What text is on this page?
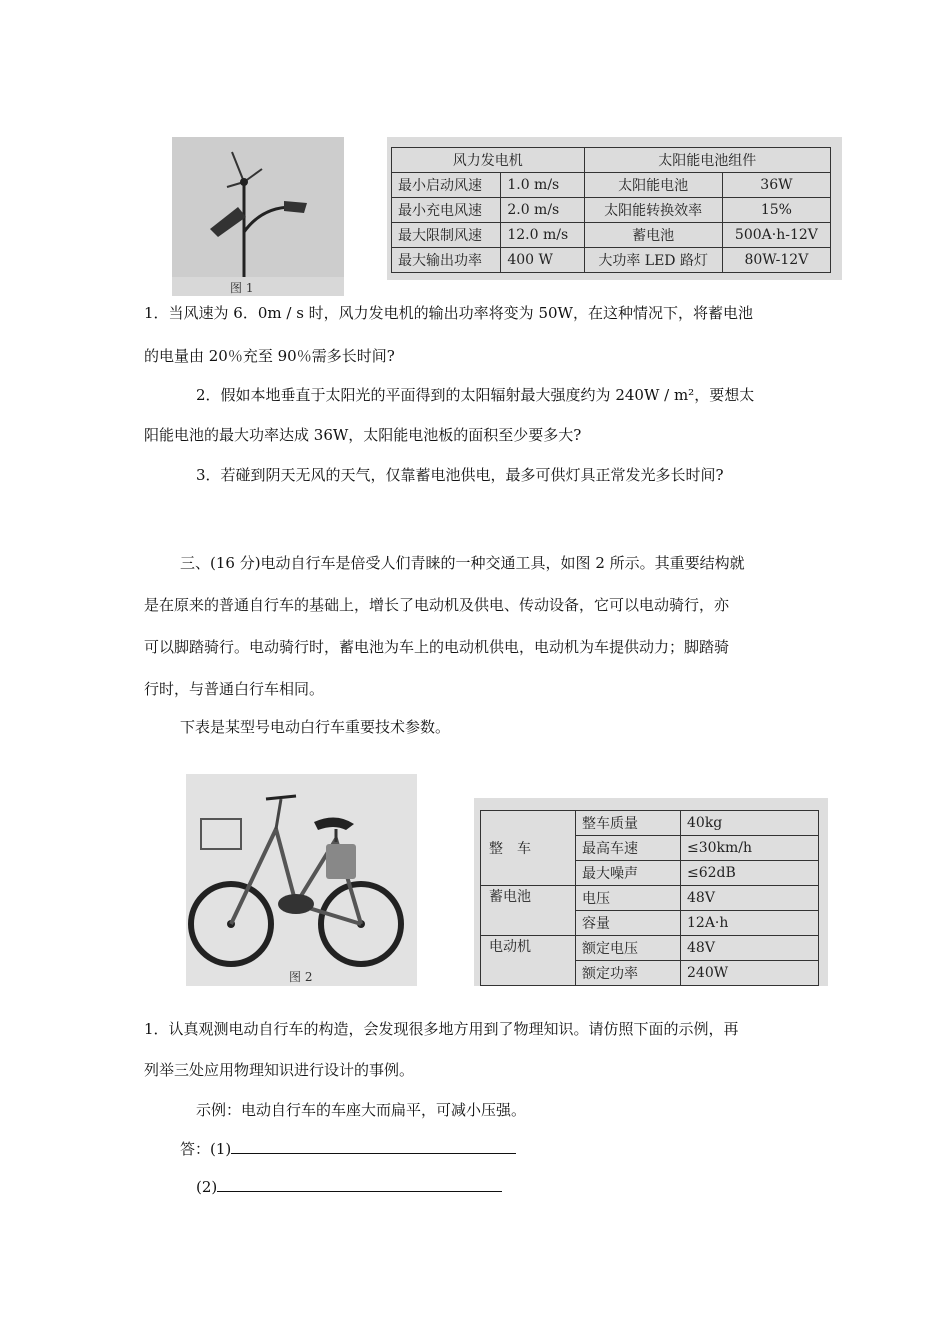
图 1
风力发电机		太阳能电池组件	
最小启动风速	1.0 m/s	太阳能电池	36W
最小充电风速	2.0 m/s	太阳能转换效率	15%
最大限制风速	12.0 m/s	蓄电池	500A·h-12V
最大输出功率	400 W	大功率 LED 路灯	80W-12V
1．当风速为 6．0m / s 时，风力发电机的输出功率将变为 50W，在这种情况下，将蓄电池
的电量由 20％充至 90％需多长时间?
2．假如本地垂直于太阳光的平面得到的太阳辐射最大强度约为 240W / m²，要想太
阳能电池的最大功率达成 36W，太阳能电池板的面积至少要多大?
3．若碰到阴天无风的天气，仅靠蓄电池供电，最多可供灯具正常发光多长时间?
三、(16 分)电动自行车是倍受人们青睐的一种交通工具，如图 2 所示。其重要结构就
是在原来的普通自行车的基础上，增长了电动机及供电、传动设备，它可以电动骑行，亦
可以脚踏骑行。电动骑行时，蓄电池为车上的电动机供电，电动机为车提供动力；脚踏骑
行时，与普通白行车相同。
下表是某型号电动白行车重要技术参数。
图 2
整　车	整车质量	40kg
	最高车速	≤30km/h
	最大噪声	≤62dB
蓄电池	电压	48V
	容量	12A·h
电动机	额定电压	48V
	额定功率	240W
1．认真观测电动自行车的构造，会发现很多地方用到了物理知识。请仿照下面的示例，再
列举三处应用物理知识进行设计的事例。
示例：电动自行车的车座大而扁平，可减小压强。
答：(1)
(2)
